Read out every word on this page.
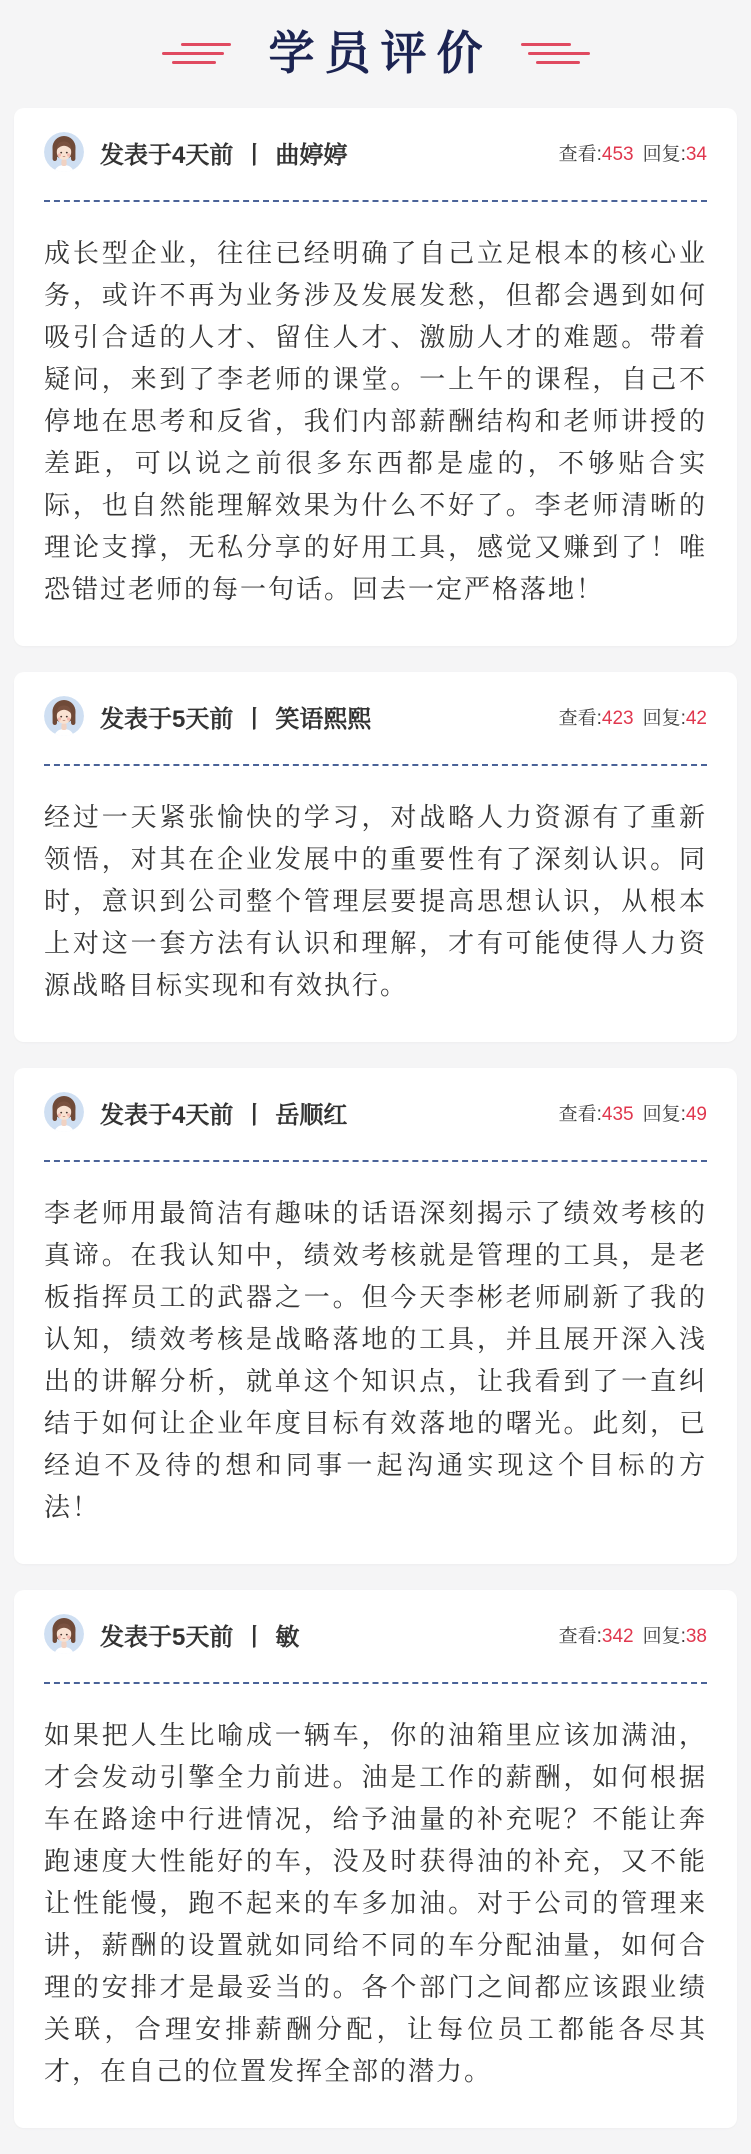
学员评价
发表于4天前 丨 曲婷婷	查看:453 回复:34

成长型企业，往往已经明确了自己立足根本的核心业务，或许不再为业务涉及发展发愁，但都会遇到如何吸引合适的人才、留住人才、激励人才的难题。带着疑问，来到了李老师的课堂。一上午的课程，自己不停地在思考和反省，我们内部薪酬结构和老师讲授的差距，可以说之前很多东西都是虚的，不够贴合实际，也自然能理解效果为什么不好了。李老师清晰的理论支撑，无私分享的好用工具，感觉又赚到了！唯恐错过老师的每一句话。回去一定严格落地！

发表于5天前 丨 笑语熙熙	查看:423 回复:42

经过一天紧张愉快的学习，对战略人力资源有了重新领悟，对其在企业发展中的重要性有了深刻认识。同时，意识到公司整个管理层要提高思想认识，从根本上对这一套方法有认识和理解，才有可能使得人力资源战略目标实现和有效执行。

发表于4天前 丨 岳顺红	查看:435 回复:49

李老师用最简洁有趣味的话语深刻揭示了绩效考核的真谛。在我认知中，绩效考核就是管理的工具，是老板指挥员工的武器之一。但今天李彬老师刷新了我的认知，绩效考核是战略落地的工具，并且展开深入浅出的讲解分析，就单这个知识点，让我看到了一直纠结于如何让企业年度目标有效落地的曙光。此刻，已经迫不及待的想和同事一起沟通实现这个目标的方法！

发表于5天前 丨 敏	查看:342 回复:38

如果把人生比喻成一辆车，你的油箱里应该加满油，才会发动引擎全力前进。油是工作的薪酬，如何根据车在路途中行进情况，给予油量的补充呢？不能让奔跑速度大性能好的车，没及时获得油的补充，又不能让性能慢，跑不起来的车多加油。对于公司的管理来讲，薪酬的设置就如同给不同的车分配油量，如何合理的安排才是最妥当的。各个部门之间都应该跟业绩关联，合理安排薪酬分配，让每位员工都能各尽其才，在自己的位置发挥全部的潜力。
